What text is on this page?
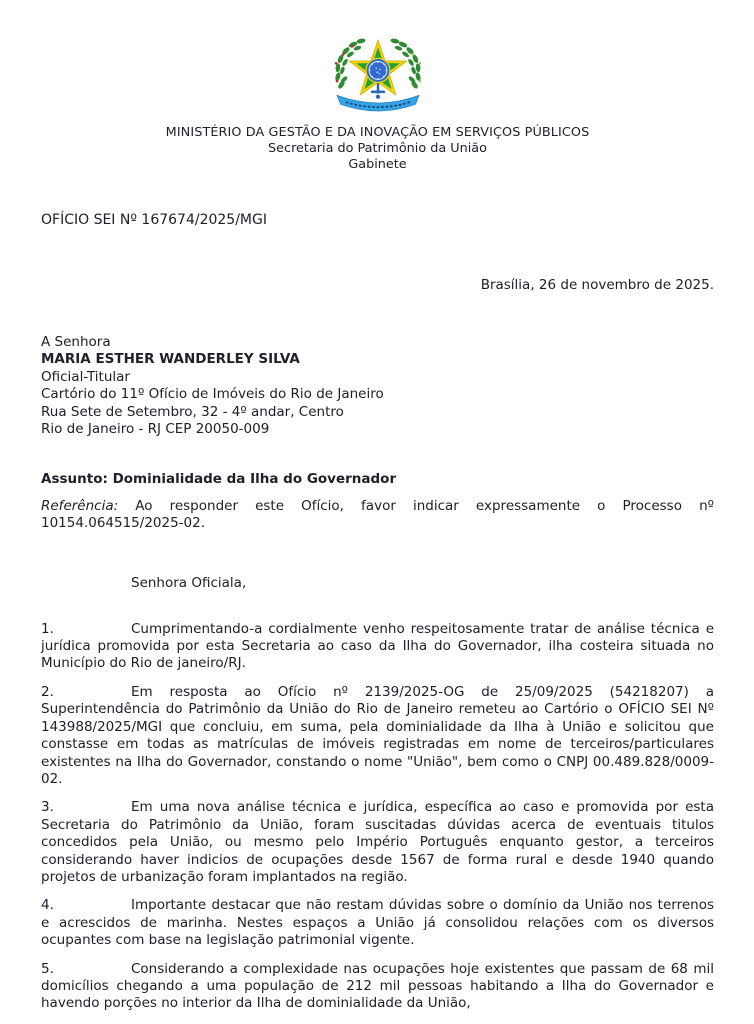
MINISTÉRIO DA GESTÃO E DA INOVAÇÃO EM SERVIÇOS PÚBLICOS
Secretaria do Patrimônio da União
Gabinete
OFÍCIO SEI Nº 167674/2025/MGI
Brasília, 26 de novembro de 2025.
A Senhora
MARIA ESTHER WANDERLEY SILVA
Oficial-Titular
Cartório do 11º Ofício de Imóveis do Rio de Janeiro
Rua Sete de Setembro, 32 - 4º andar, Centro
Rio de Janeiro - RJ CEP 20050-009
Assunto: Dominialidade da Ilha do Governador
Referência: Ao responder este Ofício, favor indicar expressamente o Processo nº 10154.064515/2025-02.
Senhora Oficiala,

1.	Cumprimentando-a cordialmente venho respeitosamente tratar de análise técnica e jurídica promovida por esta Secretaria ao caso da Ilha do Governador, ilha costeira situada no Município do Rio de janeiro/RJ.

2.	Em resposta ao Ofício nº 2139/2025-OG de 25/09/2025 (54218207) a Superintendência do Patrimônio da União do Rio de Janeiro remeteu ao Cartório o OFÍCIO SEI Nº 143988/2025/MGI que concluiu, em suma, pela dominialidade da Ilha à União e solicitou que constasse em todas as matrículas de imóveis registradas em nome de terceiros/particulares existentes na Ilha do Governador, constando o nome "União", bem como o CNPJ 00.489.828/0009-02.

3.	Em uma nova análise técnica e jurídica, específica ao caso e promovida por esta Secretaria do Patrimônio da União, foram suscitadas dúvidas acerca de eventuais titulos concedidos pela União, ou mesmo pelo Império Português enquanto gestor, a terceiros considerando haver indicios de ocupações desde 1567 de forma rural e desde 1940 quando projetos de urbanização foram implantados na região.

4.	Importante destacar que não restam dúvidas sobre o domínio da União nos terrenos e acrescidos de marinha. Nestes espaços a União já consolidou relações com os diversos ocupantes com base na legislação patrimonial vigente.

5.	Considerando a complexidade nas ocupações hoje existentes que passam de 68 mil domicílios chegando a uma população de 212 mil pessoas habitando a Ilha do Governador e havendo porções no interior da Ilha de dominialidade da União,
